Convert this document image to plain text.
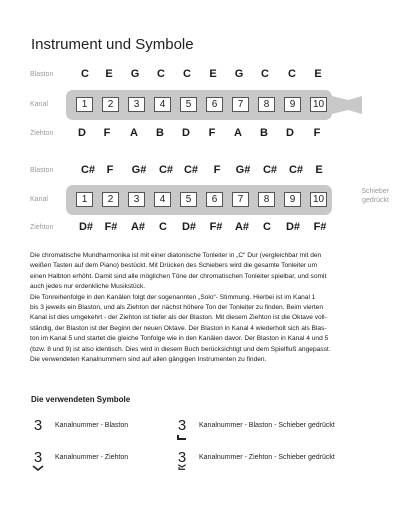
Instrument und Symbole
Blaston
Kanal
Ziehton
C	E	G	C	C	E	G	C	C	E
1	2	3	4	5	6	7	8	9	10
D	F	A	B	D	F	A	B	D	F
Blaston
Kanal
Ziehton
C#	F	G#	C# C#	F	G#	C#	C#	E
1	2	3	4	5	6	7	8	9	10
Schieber
gedrückt
D#	F#	A#	C	D#	F#	A#	C	D#	F#
Die chromatische Mundharmonika ist mit einer diatonische Tonleiter in „C“ Dur (vergleichbar mit den
weißen Tasten auf dem Piano) bestückt. Mit Drücken des Schiebers wird die gesamte Tonleiter um
einen Halbton erhöht. Damit sind alle möglichen Töne der chromatischen Tonleiter spielbar, und somit
auch jedes nur erdenkliche Musikstück.
Die Tonreihenfolge in den Kanälen folgt der sogenannten „Solo“- Stimmung. Hierbei ist im Kanal 1
bis 3 jeweils ein Blaston, und als Ziehton der nächst höhere Ton der Tonleiter zu finden. Beim vierten
Kanal ist dies umgekehrt - der Ziehton ist tiefer als der Blaston. Mit diesem Ziehton ist die Oktave voll-
ständig, der Blaston ist der Beginn der neuen Oktave. Der Blaston in Kanal 4 wiederholt sich als Blas-
ton im Kanal 5 und startet die gleiche Tonfolge wie in den Kanälen davor. Der Blaston in Kanal 4 und 5
(bzw. 8 und 9) ist also identisch. Dies wird in diesem Buch berücksichtigt und dem Spielfluß angepasst.
Die verwendeten Kanalnummern sind auf allen gängigen Instrumenten zu finden.
Die verwendeten Symbole
3	Kanalnummer - Blaston	3	Kanalnummer - Blaston - Schieber gedrückt
3	Kanalnummer - Ziehton	3	Kanalnummer - Ziehton - Schieber gedrückt
